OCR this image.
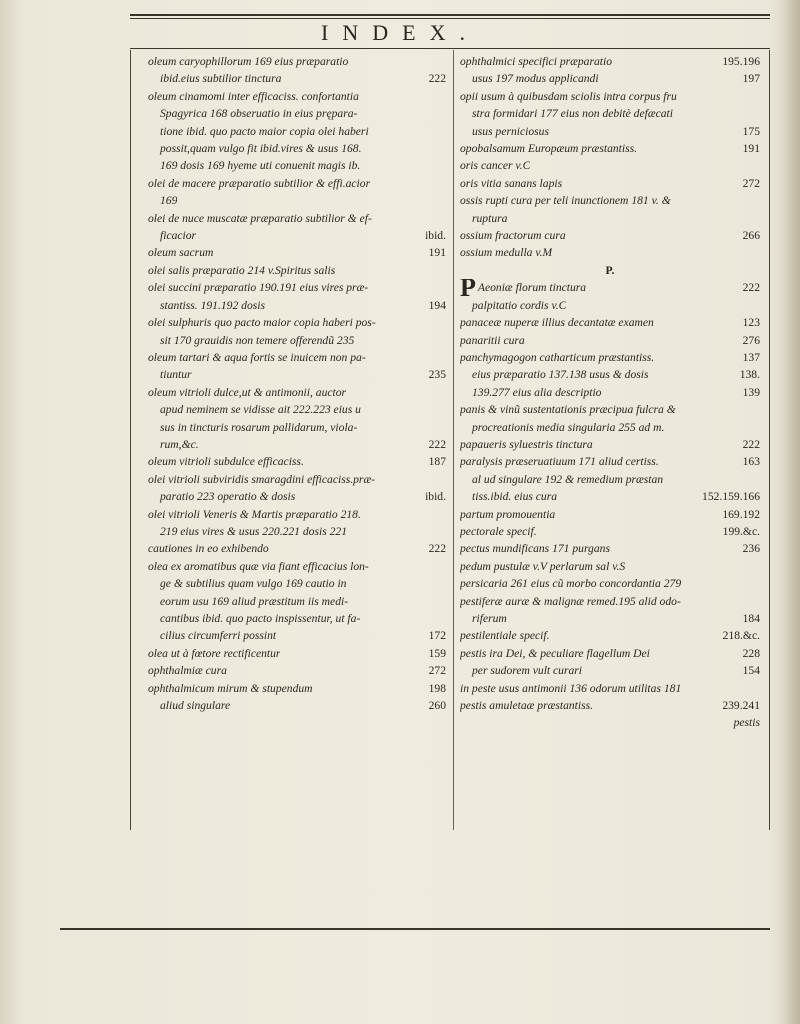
INDEX.
oleum caryophillorum 169 eius præparatio
ibid.eius subtilior tinctura	222
oleum cinamomi inter efficaciss. confortantia
Spagyrica 168 obseruatio in eius prępara-
tione ibid. quo pacto maior copia olei haberi
possit,quam vulgo fit ibid.vires & usus 168.
169 dosis 169 hyeme uti conuenit magis ib.
olei de macere præparatio subtilior & effi.acior
169
olei de nuce muscatæ præparatio subtilior & ef-
ficacior	ibid.
oleum sacrum	191
olei salis præparatio 214 v.Spiritus salis
olei succini præparatio 190.191 eius vires præ-
stantiss. 191.192 dosis	194
olei sulphuris quo pacto maior copia haberi pos-
sit 170 grauidis non temere offerendũ 235
oleum tartari & aqua fortis se inuicem non pa-
tiuntur	235
oleum vitrioli dulce,ut & antimonii, auctor
apud neminem se vidisse ait 222.223 eius u
sus in tincturis rosarum pallidarum, viola-
rum,&c.	222
oleum vitrioli subdulce efficaciss.	187
olei vitrioli subviridis smaragdini efficaciss.præ-
paratio 223 operatio & dosis	ibid.
olei vitrioli Veneris & Martis præparatio 218.
219 eius vires & usus 220.221 dosis 221
cautiones in eo exhibendo	222
olea ex aromatibus quæ via fiant efficacius lon-
ge & subtilius quam vulgo 169 cautio in
eorum usu 169 aliud præstitum iis medi-
cantibus ibid. quo pacto inspissentur, ut fa-
cilius circumferri possint	172
olea ut à fœtore rectificentur	159
ophthalmiæ cura	272
ophthalmicum mirum & stupendum	198
aliud singulare	260
ophthalmici specifici præparatio	195.196
usus 197 modus applicandi	197
opii usum à quibusdam sciolis intra corpus fru
stra formidari 177 eius non debitè defæcati
usus perniciosus	175
opobalsamum Europæum præstantiss.	191
oris cancer v.C
oris vitia sanans lapis	272
ossis rupti cura per teli inunctionem 181 v. &
ruptura
ossium fractorum cura	266
ossium medulla v.M
P.
P Aeoniæ florum tinctura	222
palpitatio cordis v.C
panaceæ nuperæ illius decantatæ examen	123
panaritii cura	276
panchymagogon catharticum præstantiss.	137
eius præparatio 137.138 usus & dosis	138.
139.277 eius alia descriptio	139
panis & vinũ sustentationis præcipua fulcra &
procreationis media singularia 255 ad m.
papaueris syluestris tinctura	222
paralysis præseruatiuum 171 aliud certiss.	163
al ud singulare 192 & remedium præstan
tiss.ibid. eius cura	152.159.166
partum promouentia	169.192
pectorale specif.	199.&c.
pectus mundificans 171 purgans	236
pedum pustulæ v.V perlarum sal v.S
persicaria 261 eius cũ morbo concordantia 279
pestiferæ auræ & malignæ remed.195 alid odo-
riferum	184
pestilentiale specif.	218.&c.
pestis ira Dei, & peculiare flagellum Dei	228
per sudorem vult curari	154
in peste usus antimonii 136 odorum utilitas 181
pestis amuletaæ præstantiss.	239.241
pestis
